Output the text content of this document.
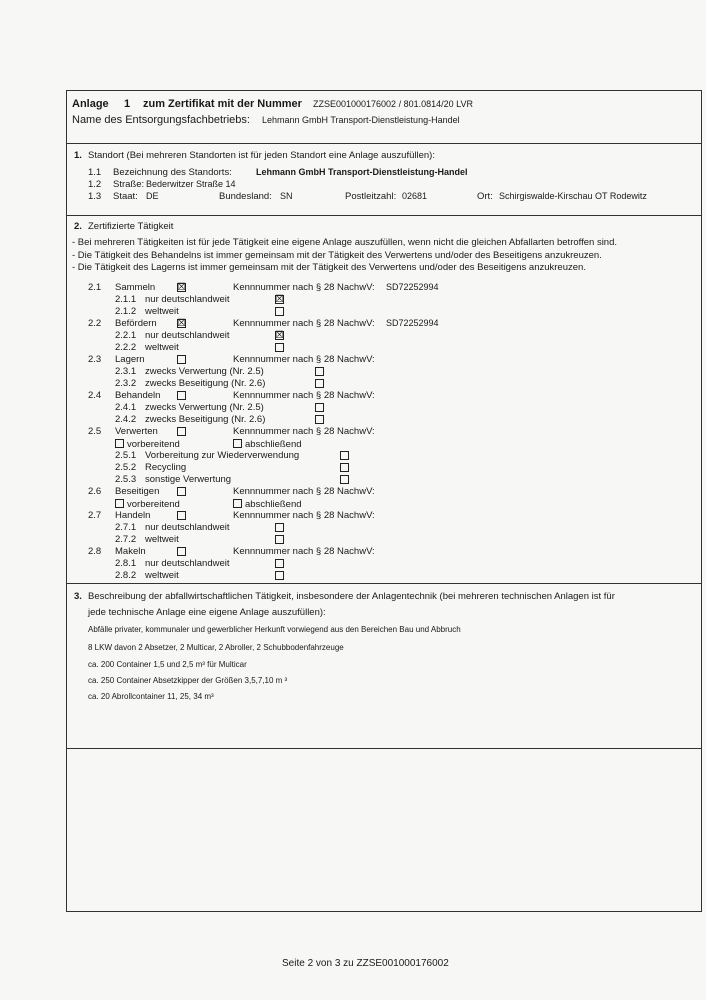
Anlage 1 zum Zertifikat mit der Nummer ZZSE001000176002 / 801.0814/20 LVR
Name des Entsorgungsfachbetriebs: Lehmann GmbH Transport-Dienstleistung-Handel
1. Standort (Bei mehreren Standorten ist für jeden Standort eine Anlage auszufüllen):
1.1 Bezeichnung des Standorts:	Lehmann GmbH Transport-Dienstleistung-Handel
1.2 Straße: Bederwitzer Straße 14
1.3 Staat: DE	Bundesland: SN	Postleitzahl: 02681	Ort: Schirgiswalde-Kirschau OT Rodewitz
2. Zertifizierte Tätigkeit
- Bei mehreren Tätigkeiten ist für jede Tätigkeit eine eigene Anlage auszufüllen, wenn nicht die gleichen Abfallarten betroffen sind.
- Die Tätigkeit des Behandelns ist immer gemeinsam mit der Tätigkeit des Verwertens und/oder des Beseitigens anzukreuzen.
- Die Tätigkeit des Lagerns ist immer gemeinsam mit der Tätigkeit des Verwertens und/oder des Beseitigens anzukreuzen.
2.1 Sammeln ☒	Kennnummer nach § 28 NachwV: SD72252994
2.1.1 nur deutschlandweit	☒
2.1.2 weltweit
2.2 Befördern ☒	Kennnummer nach § 28 NachwV: SD72252994
2.2.1 nur deutschlandweit	☒
2.2.2 weltweit
2.3 Lagern	Kennnummer nach § 28 NachwV:
2.3.1 zwecks Verwertung (Nr. 2.5)
2.3.2 zwecks Beseitigung (Nr. 2.6)
2.4 Behandeln	Kennnummer nach § 28 NachwV:
2.4.1 zwecks Verwertung (Nr. 2.5)
2.4.2 zwecks Beseitigung (Nr. 2.6)
2.5 Verwerten	Kennnummer nach § 28 NachwV:
vorbereitend	abschließend
2.5.1 Vorbereitung zur Wiederverwendung
2.5.2 Recycling
2.5.3 sonstige Verwertung
2.6 Beseitigen	Kennnummer nach § 28 NachwV:
vorbereitend	abschließend
2.7 Handeln	Kennnummer nach § 28 NachwV:
2.7.1 nur deutschlandweit
2.7.2 weltweit
2.8 Makeln	Kennnummer nach § 28 NachwV:
2.8.1 nur deutschlandweit
2.8.2 weltweit
3. Beschreibung der abfallwirtschaftlichen Tätigkeit, insbesondere der Anlagentechnik (bei mehreren technischen Anlagen ist für
jede technische Anlage eine eigene Anlage auszufüllen):
Abfälle privater, kommunaler und gewerblicher Herkunft vorwiegend aus den Bereichen Bau und Abbruch
8 LKW davon 2 Absetzer, 2 Multicar, 2 Abroller, 2 Schubbodenfahrzeuge
ca. 200 Container 1,5 und 2,5 m³ für Multicar
ca. 250 Container Absetzkipper der Größen 3,5,7,10 m ³
ca. 20 Abrollcontainer 11, 25, 34 m³
Seite 2 von 3 zu ZZSE001000176002
